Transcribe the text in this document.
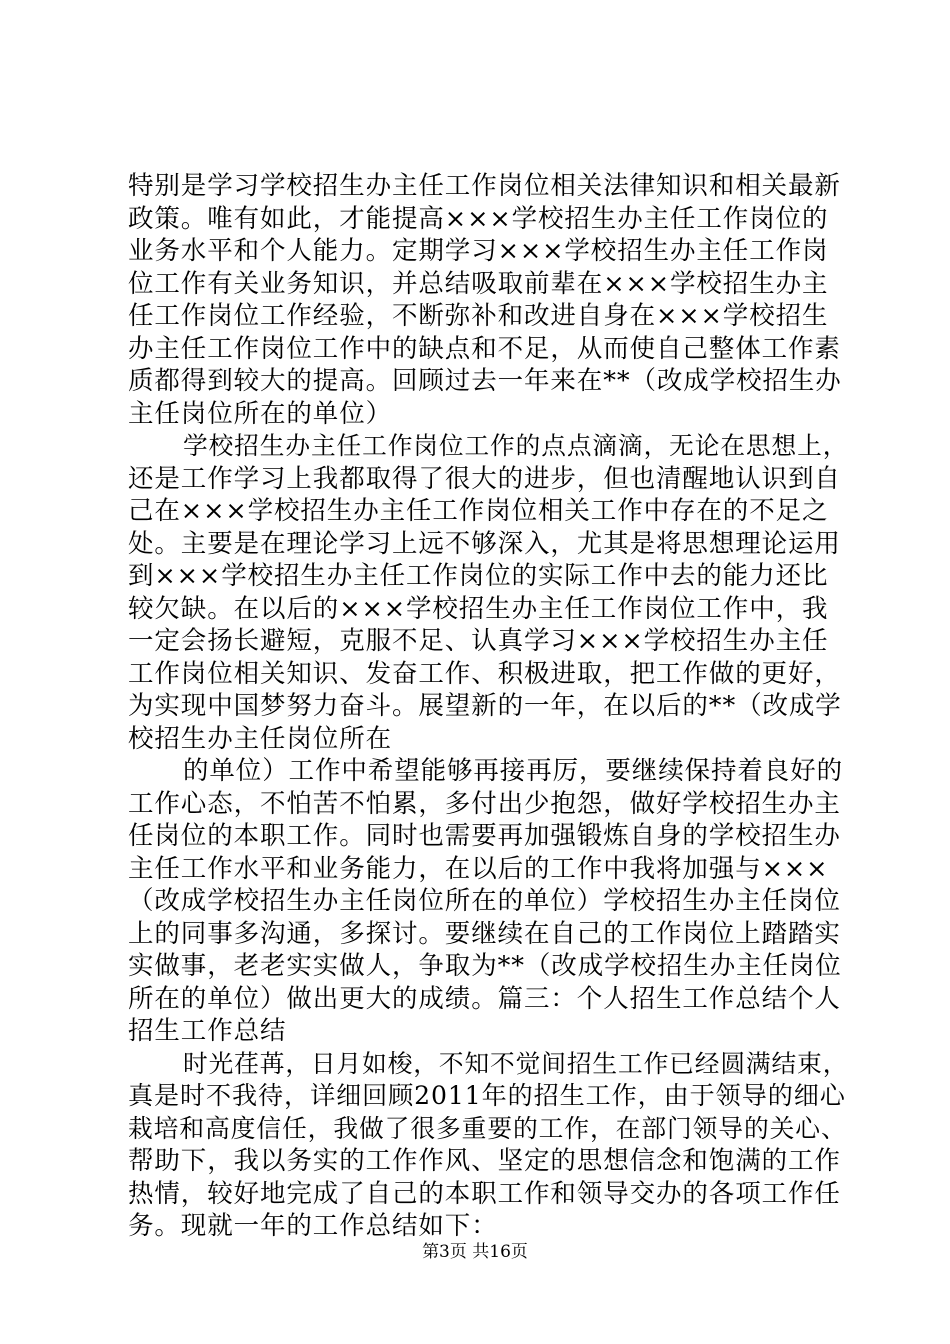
特别是学习学校招生办主任工作岗位相关法律知识和相关最新
政策。唯有如此，才能提高×××学校招生办主任工作岗位的
业务水平和个人能力。定期学习×××学校招生办主任工作岗
位工作有关业务知识，并总结吸取前辈在×××学校招生办主
任工作岗位工作经验，不断弥补和改进自身在×××学校招生
办主任工作岗位工作中的缺点和不足，从而使自己整体工作素
质都得到较大的提高。回顾过去一年来在**（改成学校招生办
主任岗位所在的单位）
学校招生办主任工作岗位工作的点点滴滴，无论在思想上，
还是工作学习上我都取得了很大的进步，但也清醒地认识到自
己在×××学校招生办主任工作岗位相关工作中存在的不足之
处。主要是在理论学习上远不够深入，尤其是将思想理论运用
到×××学校招生办主任工作岗位的实际工作中去的能力还比
较欠缺。在以后的×××学校招生办主任工作岗位工作中，我
一定会扬长避短，克服不足、认真学习×××学校招生办主任
工作岗位相关知识、发奋工作、积极进取，把工作做的更好，
为实现中国梦努力奋斗。展望新的一年，在以后的**（改成学
校招生办主任岗位所在
的单位）工作中希望能够再接再厉，要继续保持着良好的
工作心态，不怕苦不怕累，多付出少抱怨，做好学校招生办主
任岗位的本职工作。同时也需要再加强锻炼自身的学校招生办
主任工作水平和业务能力，在以后的工作中我将加强与×××
（改成学校招生办主任岗位所在的单位）学校招生办主任岗位
上的同事多沟通，多探讨。要继续在自己的工作岗位上踏踏实
实做事，老老实实做人，争取为**（改成学校招生办主任岗位
所在的单位）做出更大的成绩。篇三：个人招生工作总结个人
招生工作总结
时光荏苒，日月如梭，不知不觉间招生工作已经圆满结束，
真是时不我待，详细回顾2011年的招生工作，由于领导的细心
栽培和高度信任，我做了很多重要的工作，在部门领导的关心、
帮助下，我以务实的工作作风、坚定的思想信念和饱满的工作
热情，较好地完成了自己的本职工作和领导交办的各项工作任
务。现就一年的工作总结如下：
第3页 共16页
